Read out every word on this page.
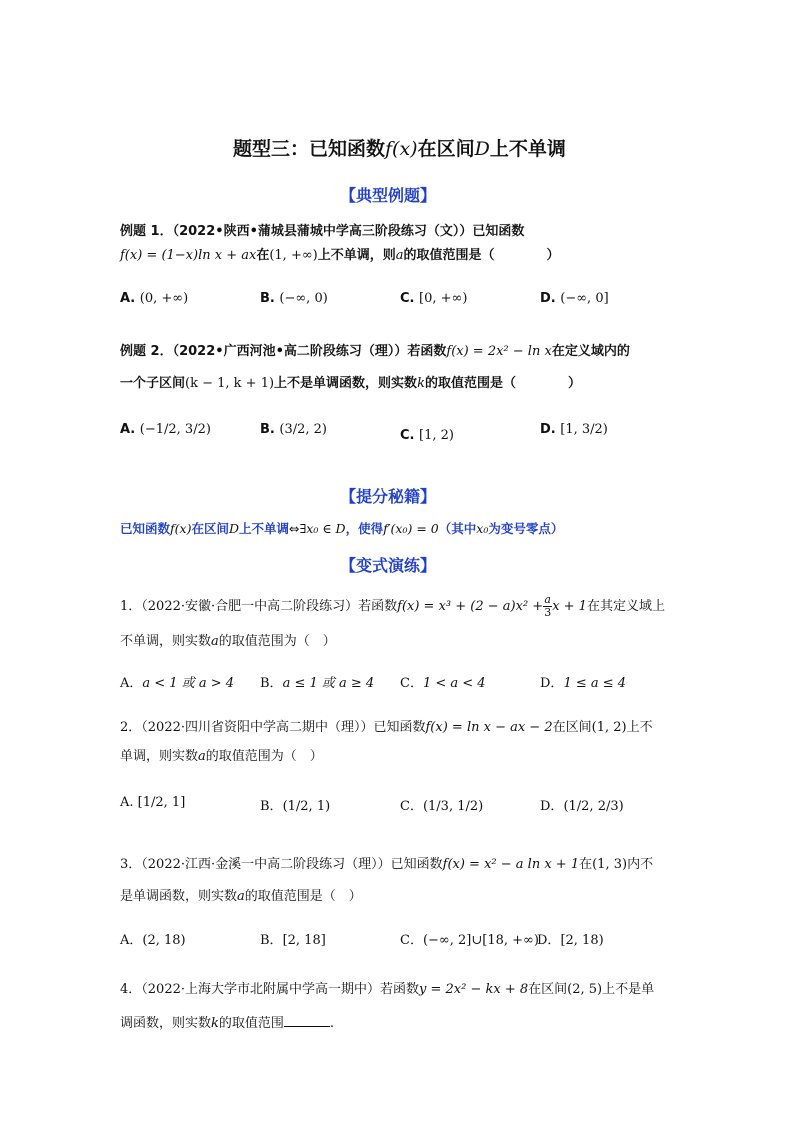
题型三：已知函数f(x)在区间D上不单调
【典型例题】
例题 1．（2022•陕西•蒲城县蒲城中学高三阶段练习（文））已知函数
f(x) = (1−x)ln x + ax在(1, +∞)上不单调，则a的取值范围是（　　　　）
A. (0, +∞)	B. (−∞, 0)	C. [0, +∞)	D. (−∞, 0]
例题 2．（2022•广西河池•高二阶段练习（理））若函数f(x) = 2x² − ln x在定义域内的
一个子区间(k − 1, k + 1)上不是单调函数，则实数k的取值范围是（　　　　）
A. (−1/2, 3/2)	B. (3/2, 2)	C. [1, 2)	D. [1, 3/2)
【提分秘籍】
已知函数f(x)在区间D上不单调⇔∃x₀ ∈ D，使得f′(x₀) = 0（其中x₀为变号零点）
【变式演练】
1．（2022·安徽·合肥一中高二阶段练习）若函数$f(x) = x^3 + (2 - a)x^2 + \frac{a}{3}$ x + 1在其定义域上
不单调，则实数a的取值范围为（　）
A．a < 1 或 a > 4 B．a ≤ 1 或 a ≥ 4 C．1 < a < 4	D．1 ≤ a ≤ 4
2．（2022·四川省资阳中学高二期中（理））已知函数f(x) = ln x − ax − 2在区间(1, 2)上不
单调，则实数a的取值范围为（　）
A. [1/2, 1]	B．(1/2, 1)	C．(1/3, 1/2)	D．(1/2, 2/3)
3．（2022·江西·金溪一中高二阶段练习（理））已知函数f(x) = x² − a ln x + 1在(1, 3)内不
是单调函数，则实数a的取值范围是（　）
A．(2, 18)	B．[2, 18]	C．(−∞, 2]∪[18, +∞)
D．[2, 18)
4．（2022·上海大学市北附属中学高一期中）若函数y = 2x² − kx + 8在区间(2, 5)上不是单
调函数，则实数k的取值范围	.
